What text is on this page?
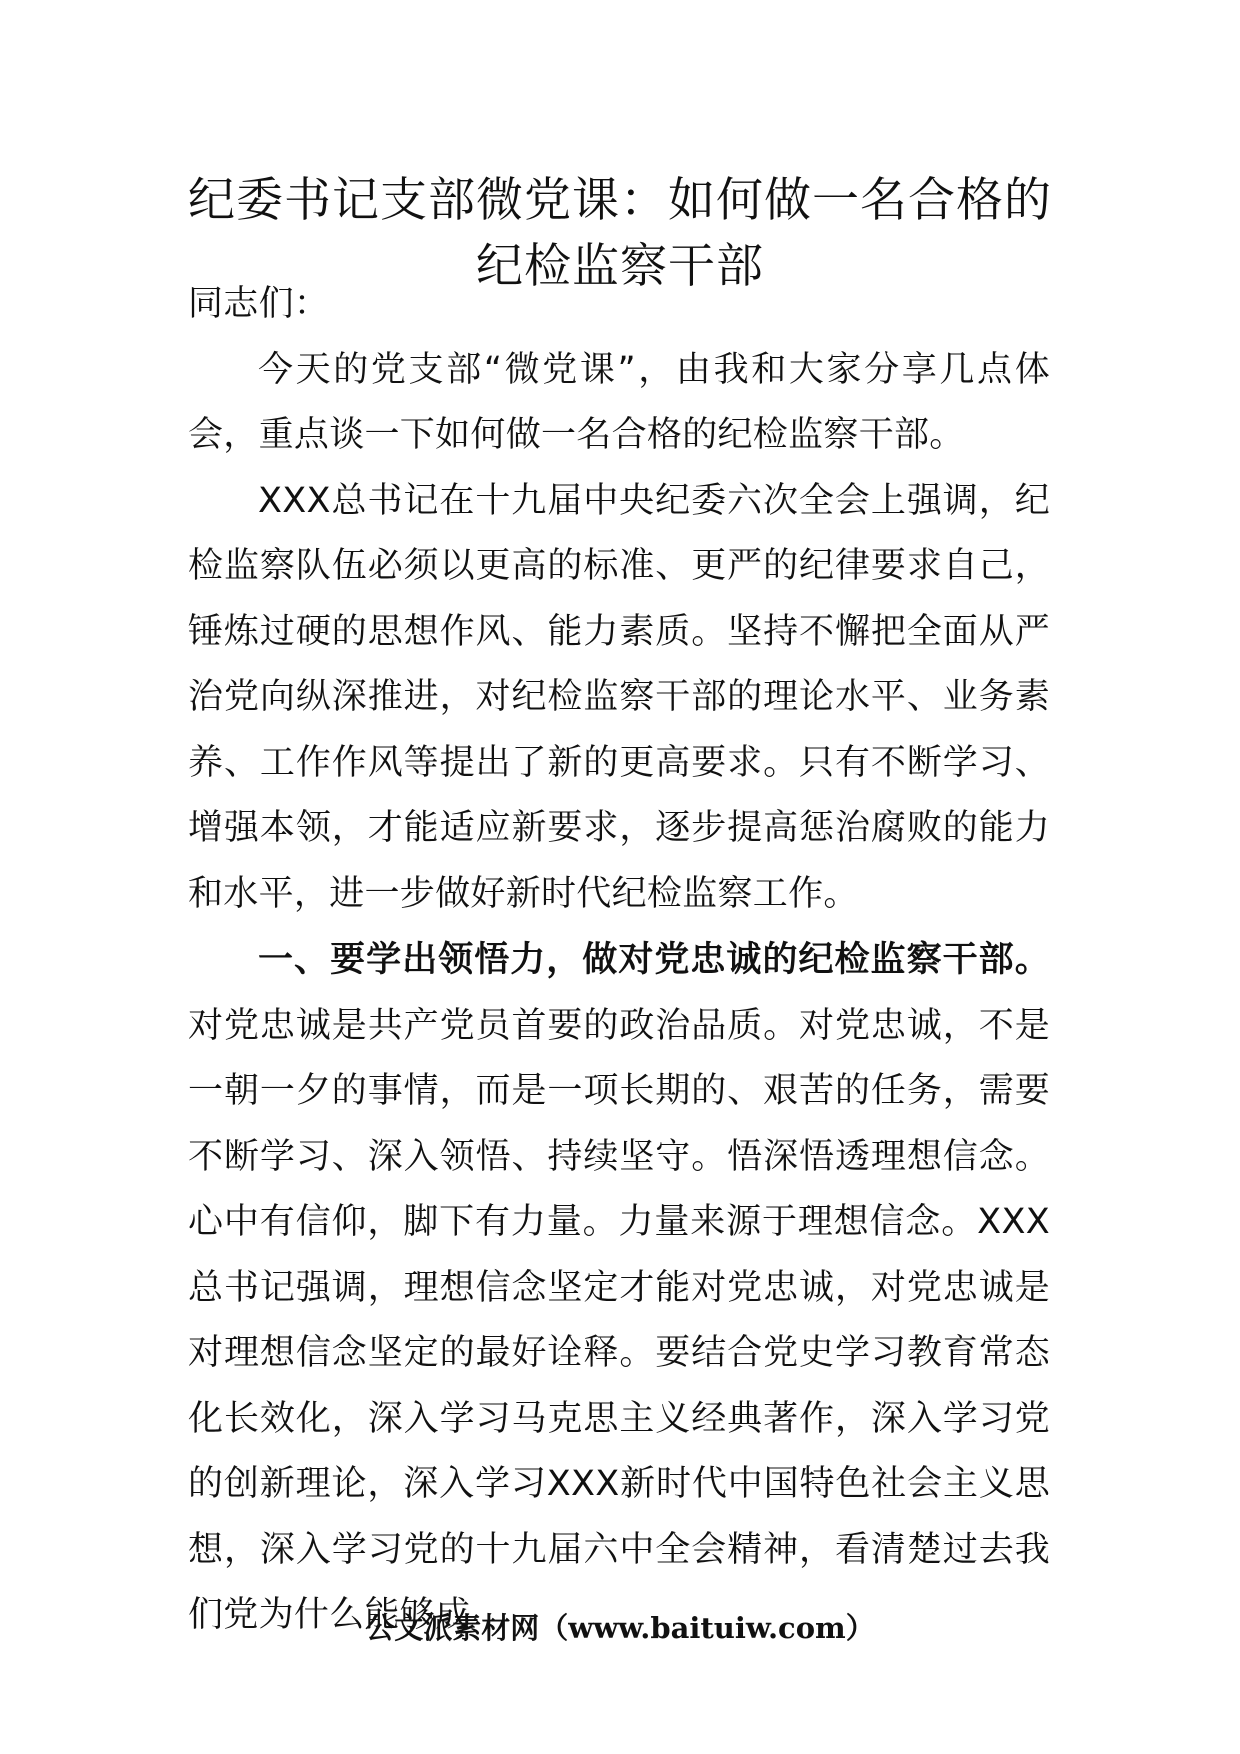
纪委书记支部微党课：如何做一名合格的
纪检监察干部

同志们：

今天的党支部“微党课”，由我和大家分享几点体会，重点谈一下如何做一名合格的纪检监察干部。

XXX总书记在十九届中央纪委六次全会上强调，纪检监察队伍必须以更高的标准、更严的纪律要求自己，锤炼过硬的思想作风、能力素质。坚持不懈把全面从严治党向纵深推进，对纪检监察干部的理论水平、业务素养、工作作风等提出了新的更高要求。只有不断学习、增强本领，才能适应新要求，逐步提高惩治腐败的能力和水平，进一步做好新时代纪检监察工作。

一、要学出领悟力，做对党忠诚的纪检监察干部。对党忠诚是共产党员首要的政治品质。对党忠诚，不是一朝一夕的事情，而是一项长期的、艰苦的任务，需要不断学习、深入领悟、持续坚守。悟深悟透理想信念。心中有信仰，脚下有力量。力量来源于理想信念。XXX总书记强调，理想信念坚定才能对党忠诚，对党忠诚是对理想信念坚定的最好诠释。要结合党史学习教育常态化长效化，深入学习马克思主义经典著作，深入学习党的创新理论，深入学习XXX新时代中国特色社会主义思想，深入学习党的十九届六中全会精神，看清楚过去我们党为什么能够成

公文派素材网（www.baituiw.com）
